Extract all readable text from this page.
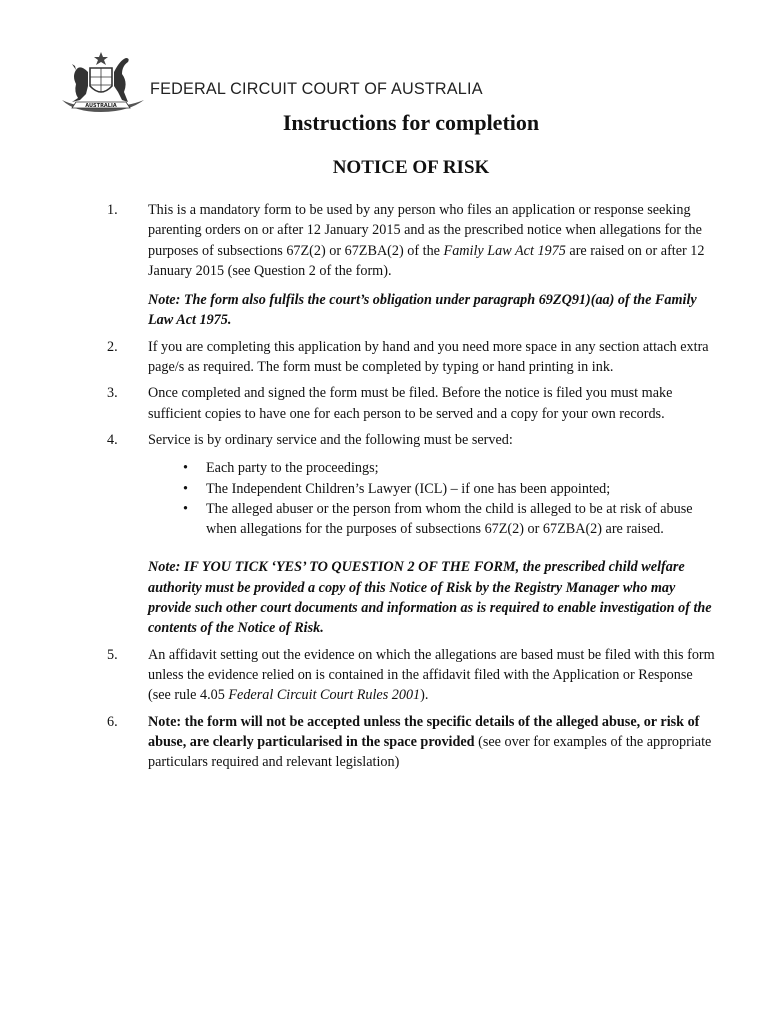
AUSTRALIA
FEDERAL CIRCUIT COURT OF AUSTRALIA
Instructions for completion
NOTICE OF RISK
1. This is a mandatory form to be used by any person who files an application or response seeking parenting orders on or after 12 January 2015 and as the prescribed notice when allegations for the purposes of subsections 67Z(2) or 67ZBA(2) of the Family Law Act 1975 are raised on or after 12 January 2015 (see Question 2 of the form).
Note: The form also fulfils the court’s obligation under paragraph 69ZQ91)(aa) of the Family Law Act 1975.
2. If you are completing this application by hand and you need more space in any section attach extra page/s as required. The form must be completed by typing or hand printing in ink.
3. Once completed and signed the form must be filed. Before the notice is filed you must make sufficient copies to have one for each person to be served and a copy for your own records.
4. Service is by ordinary service and the following must be served:
• Each party to the proceedings;
• The Independent Children’s Lawyer (ICL) – if one has been appointed;
• The alleged abuser or the person from whom the child is alleged to be at risk of abuse when allegations for the purposes of subsections 67Z(2) or 67ZBA(2) are raised.
Note: IF YOU TICK ‘YES’ TO QUESTION 2 OF THE FORM, the prescribed child welfare authority must be provided a copy of this Notice of Risk by the Registry Manager who may provide such other court documents and information as is required to enable investigation of the contents of the Notice of Risk.
5. An affidavit setting out the evidence on which the allegations are based must be filed with this form unless the evidence relied on is contained in the affidavit filed with the Application or Response (see rule 4.05 Federal Circuit Court Rules 2001).
6. Note: the form will not be accepted unless the specific details of the alleged abuse, or risk of abuse, are clearly particularised in the space provided (see over for examples of the appropriate particulars required and relevant legislation)
